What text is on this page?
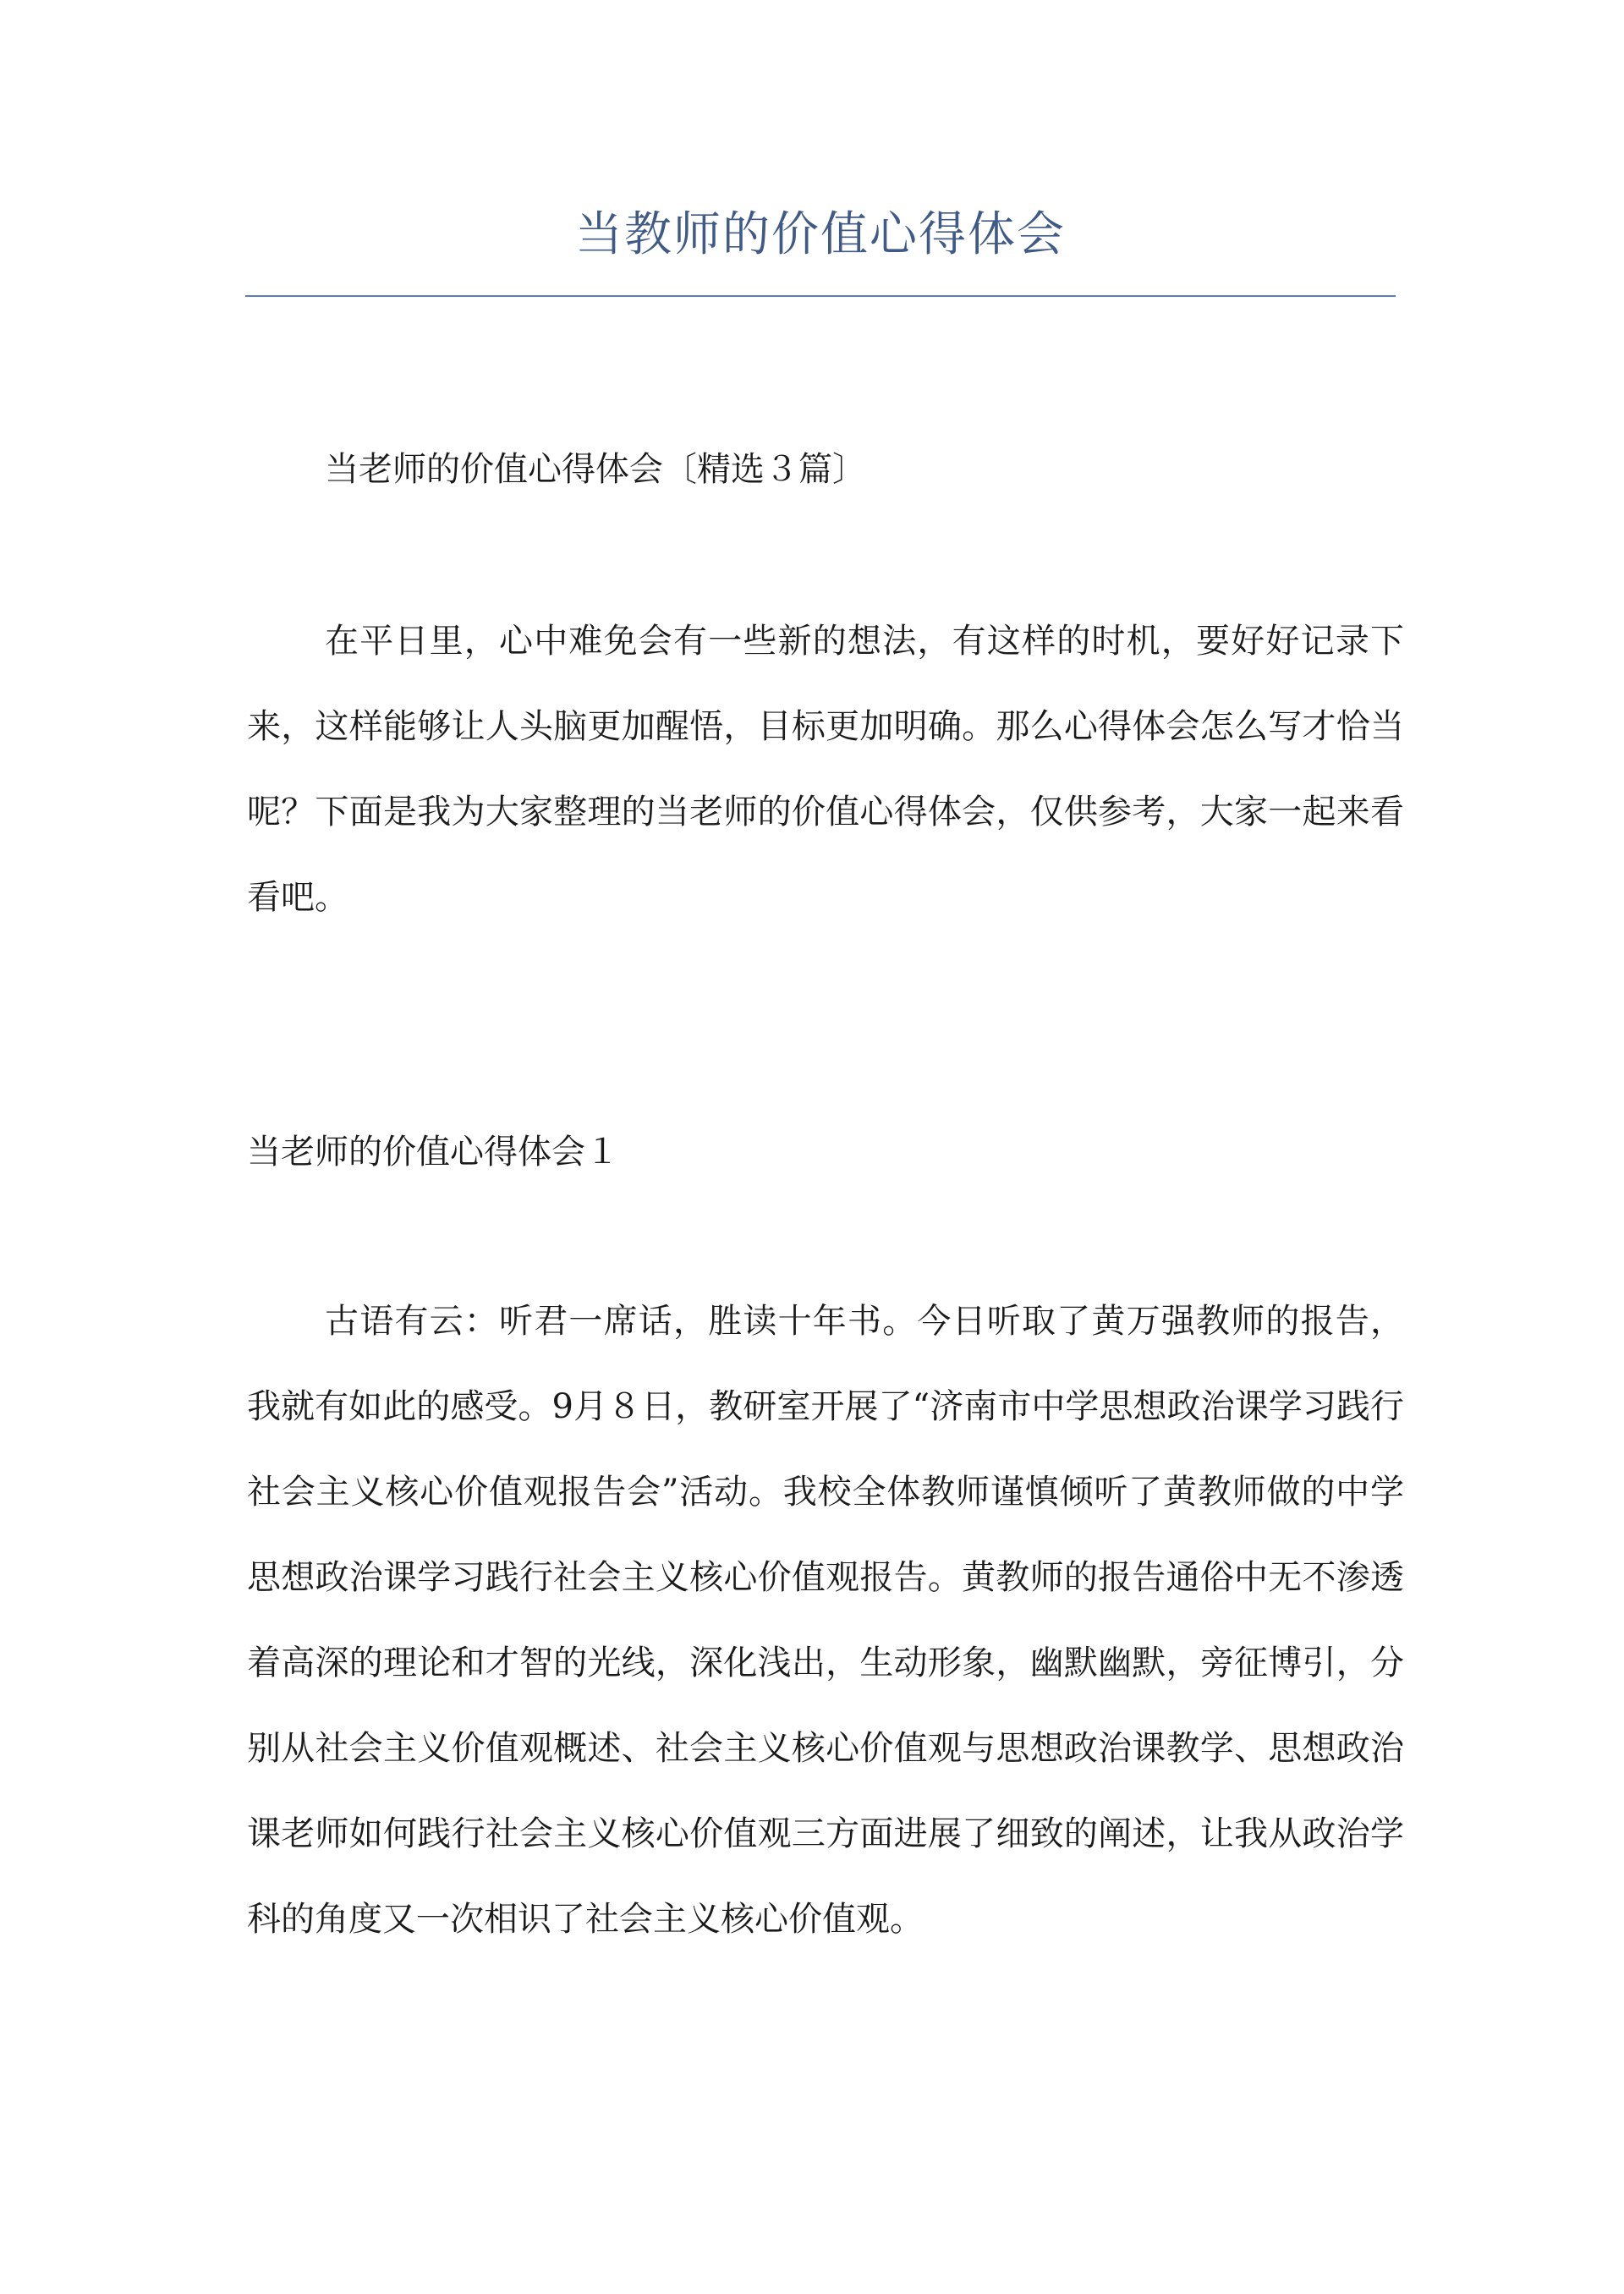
当教师的价值心得体会

当老师的价值心得体会〔精选３篇〕

在平日里，心中难免会有一些新的想法，有这样的时机，要好好记录下来，这样能够让人头脑更加醒悟，目标更加明确。那么心得体会怎么写才恰当呢？下面是我为大家整理的当老师的价值心得体会，仅供参考，大家一起来看看吧。

当老师的价值心得体会１

古语有云：听君一席话，胜读十年书。今日听取了黄万强教师的报告，我就有如此的感受。9月８日，教研室开展了“济南市中学思想政治课学习践行社会主义核心价值观报告会”活动。我校全体教师谨慎倾听了黄教师做的中学思想政治课学习践行社会主义核心价值观报告。黄教师的报告通俗中无不渗透着高深的理论和才智的光线，深化浅出，生动形象，幽默幽默，旁征博引，分别从社会主义价值观概述、社会主义核心价值观与思想政治课教学、思想政治课老师如何践行社会主义核心价值观三方面进展了细致的阐述，让我从政治学科的角度又一次相识了社会主义核心价值观。
